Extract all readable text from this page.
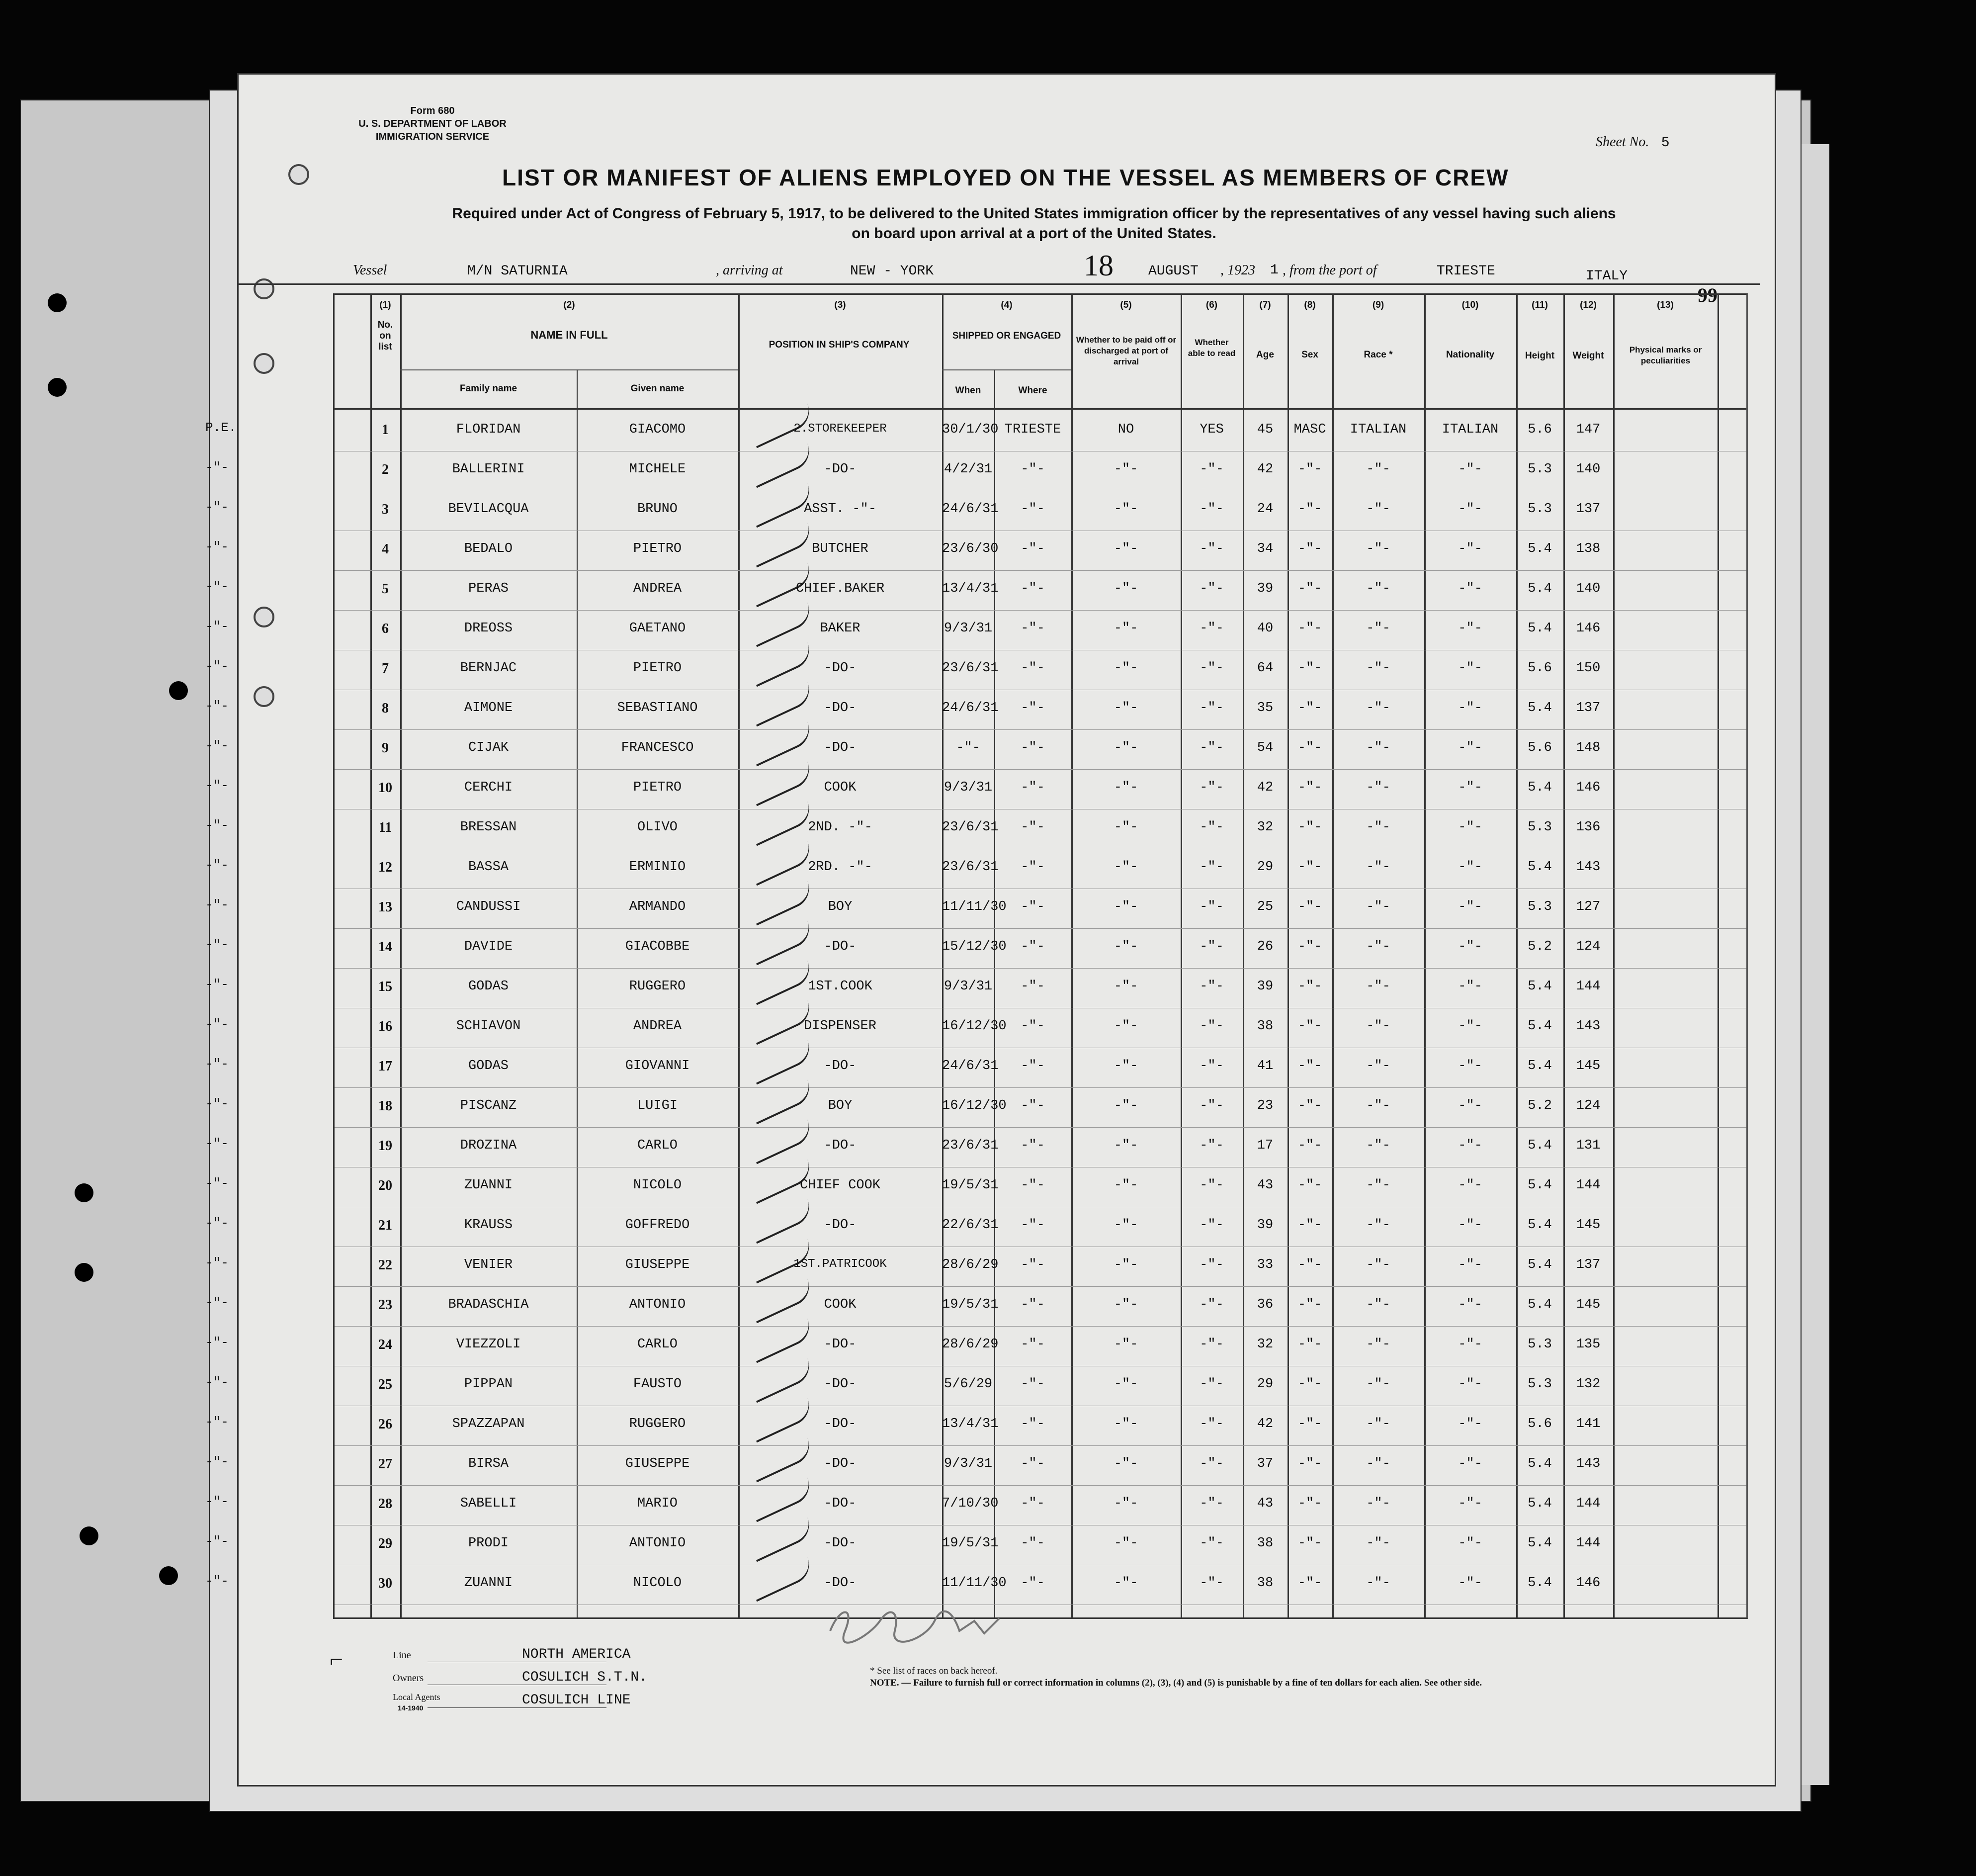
Form 680
U. S. DEPARTMENT OF LABOR
IMMIGRATION SERVICE	Sheet No. 5
LIST OR MANIFEST OF ALIENS EMPLOYED ON THE VESSEL AS MEMBERS OF CREW
Required under Act of Congress of February 5, 1917, to be delivered to the United States immigration officer by the representatives of any vessel having such aliens
on board upon arrival at a port of the United States.
Vessel	M/N SATURNIA	, arriving at	NEW - YORK	18	AUGUST , 1923 1 , from the port of	TRIESTE	ITALY
99
(1)
No. on list
(2)
NAME IN FULL
Family name	Given name
(3)
POSITION IN SHIP'S COMPANY
(4)
SHIPPED OR ENGAGED
When	Where
(5)
Whether to be paid off or discharged at port of arrival
(6)
Whether able to read
(7)
Age
(8)
Sex
(9)
Race *
(10)
Nationality
(11)
Height
(12)
Weight
(13)
Physical marks or peculiarities
P.E.	1	FLORIDAN	GIACOMO	2.STOREKEEPER	30/1/30 TRIESTE	NO	YES	45	MASC	ITALIAN	ITALIAN	5.6	147
-"-	2	BALLERINI	MICHELE	-DO-	4/2/31	-"-	-"-	-"-	42	-"-	-"-	-"-	5.3	140
-"-	3	BEVILACQUA	BRUNO	ASST. -"-	24/6/31	-"-	-"-	-"-	24	-"-	-"-	-"-	5.3	137
-"-	4	BEDALO	PIETRO	BUTCHER	23/6/30	-"-	-"-	-"-	34	-"-	-"-	-"-	5.4	138
-"-	5	PERAS	ANDREA	CHIEF.BAKER	13/4/31	-"-	-"-	-"-	39	-"-	-"-	-"-	5.4	140
-"-	6	DREOSS	GAETANO	BAKER	9/3/31	-"-	-"-	-"-	40	-"-	-"-	-"-	5.4	146
-"-	7	BERNJAC	PIETRO	-DO-	23/6/31	-"-	-"-	-"-	64	-"-	-"-	-"-	5.6	150
-"-	8	AIMONE	SEBASTIANO	-DO-	24/6/31	-"-	-"-	-"-	35	-"-	-"-	-"-	5.4	137
-"-	9	CIJAK	FRANCESCO	-DO-	-"-	-"-	-"-	-"-	54	-"-	-"-	-"-	5.6	148
-"-	10	CERCHI	PIETRO	COOK	9/3/31	-"-	-"-	-"-	42	-"-	-"-	-"-	5.4	146
-"-	11	BRESSAN	OLIVO	2ND. -"-	23/6/31	-"-	-"-	-"-	32	-"-	-"-	-"-	5.3	136
-"-	12	BASSA	ERMINIO	2RD. -"-	23/6/31	-"-	-"-	-"-	29	-"-	-"-	-"-	5.4	143
-"-	13	CANDUSSI	ARMANDO	BOY	11/11/30	-"-	-"-	-"-	25	-"-	-"-	-"-	5.3	127
-"-	14	DAVIDE	GIACOBBE	-DO-	15/12/30	-"-	-"-	-"-	26	-"-	-"-	-"-	5.2	124
-"-	15	GODAS	RUGGERO	1ST.COOK	9/3/31	-"-	-"-	-"-	39	-"-	-"-	-"-	5.4	144
-"-	16	SCHIAVON	ANDREA	DISPENSER	16/12/30	-"-	-"-	-"-	38	-"-	-"-	-"-	5.4	143
-"-	17	GODAS	GIOVANNI	-DO-	24/6/31	-"-	-"-	-"-	41	-"-	-"-	-"-	5.4	145
-"-	18	PISCANZ	LUIGI	BOY	16/12/30	-"-	-"-	-"-	23	-"-	-"-	-"-	5.2	124
-"-	19	DROZINA	CARLO	-DO-	23/6/31	-"-	-"-	-"-	17	-"-	-"-	-"-	5.4	131
-"-	20	ZUANNI	NICOLO	CHIEF COOK	19/5/31	-"-	-"-	-"-	43	-"-	-"-	-"-	5.4	144
-"-	21	KRAUSS	GOFFREDO	-DO-	22/6/31	-"-	-"-	-"-	39	-"-	-"-	-"-	5.4	145
-"-	22	VENIER	GIUSEPPE	1ST.PATRICOOK	28/6/29	-"-	-"-	-"-	33	-"-	-"-	-"-	5.4	137
-"-	23	BRADASCHIA	ANTONIO	COOK	19/5/31	-"-	-"-	-"-	36	-"-	-"-	-"-	5.4	145
-"-	24	VIEZZOLI	CARLO	-DO-	28/6/29	-"-	-"-	-"-	32	-"-	-"-	-"-	5.3	135
-"-	25	PIPPAN	FAUSTO	-DO-	5/6/29	-"-	-"-	-"-	29	-"-	-"-	-"-	5.3	132
-"-	26	SPAZZAPAN	RUGGERO	-DO-	13/4/31	-"-	-"-	-"-	42	-"-	-"-	-"-	5.6	141
-"-	27	BIRSA	GIUSEPPE	-DO-	9/3/31	-"-	-"-	-"-	37	-"-	-"-	-"-	5.4	143
-"-	28	SABELLI	MARIO	-DO-	7/10/30	-"-	-"-	-"-	43	-"-	-"-	-"-	5.4	144
-"-	29	PRODI	ANTONIO	-DO-	19/5/31	-"-	-"-	-"-	38	-"-	-"-	-"-	5.4	144
-"-	30	ZUANNI	NICOLO	-DO-	11/11/30	-"-	-"-	-"-	38	-"-	-"-	-"-	5.4	146
⌐	Line	NORTH AMERICA
Owners	COSULICH S.T.N.
Local Agents
14-1940	COSULICH LINE
* See list of races on back hereof.
NOTE. — Failure to furnish full or correct information in columns (2), (3), (4) and (5) is punishable by a fine of ten dollars for each alien. See other side.
